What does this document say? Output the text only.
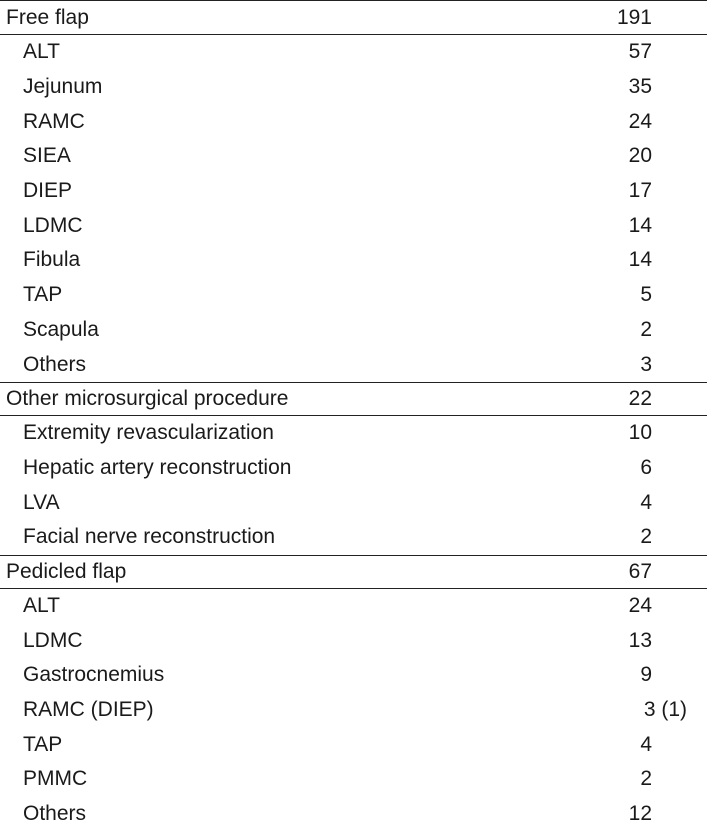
Free flap	191
ALT	57
Jejunum	35
RAMC	24
SIEA	20
DIEP	17
LDMC	14
Fibula	14
TAP	5
Scapula	2
Others	3
Other microsurgical procedure	22
Extremity revascularization	10
Hepatic artery reconstruction	6
LVA	4
Facial nerve reconstruction	2
Pedicled flap	67
ALT	24
LDMC	13
Gastrocnemius	9
RAMC (DIEP)	3 (1)
TAP	4
PMMC	2
Others	12
